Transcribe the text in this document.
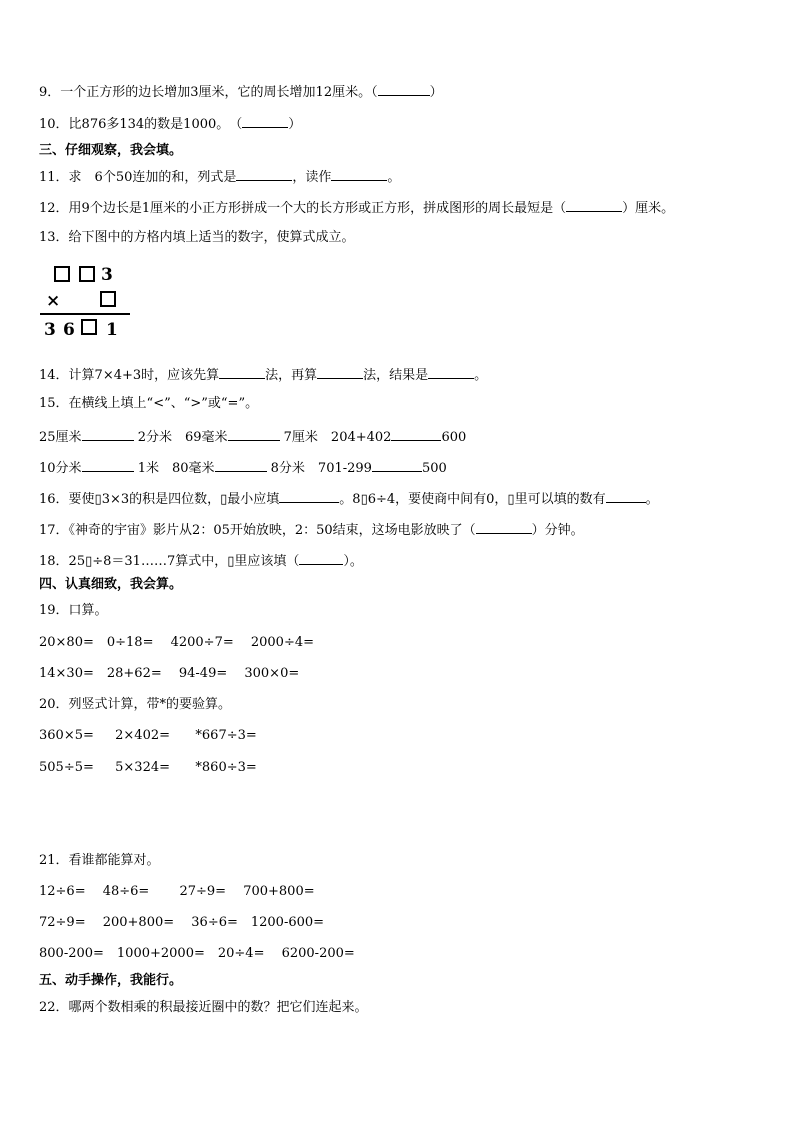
9．一个正方形的边长增加3厘米，它的周长增加12厘米。（	）
10．比876多134的数是1000。　（	）
三、仔细观察，我会填。
11．求　6个50连加的和，列式是	，读作	。
12．用9个边长是1厘米的小正方形拼成一个大的长方形或正方形，拼成图形的周长最短是（	）厘米。
13．给下图中的方格内填上适当的数字，使算式成立。
3
×
3 6 1
14．计算7×4+3时，应该先算	法，再算	法，结果是	。
15．在横线上填上“<”、“>”或“=”。
25厘米	2分米　69毫米	7厘米　204+402	600
10分米	1米　80毫米	8分米　701-299	500
16．要使▯3×3的积是四位数，▯最小应填	。8▯6÷4，要使商中间有0，▯里可以填的数有	。
17．《神奇的宇宙》影片从2：05开始放映，2：50结束，这场电影放映了（	）分钟。
18．25▯÷8＝31……7算式中，▯里应该填（	）。
四、认真细致，我会算。
19．口算。
20×80=　0÷18=　 4200÷7=　 2000÷4=
14×30=　28+62=　 94-49=　 300×0=
20．列竖式计算，带*的要验算。
360×5=　  2×402=　   *667÷3=
505÷5=　  5×324=　   *860÷3=
21．看谁都能算对。
12÷6=　 48÷6=　　 27÷9=　 700+800=
72÷9=　 200+800=　 36÷6=　1200-600=
800-200=　1000+2000=　20÷4=　 6200-200=
五、动手操作，我能行。
22．哪两个数相乘的积最接近圈中的数？把它们连起来。
